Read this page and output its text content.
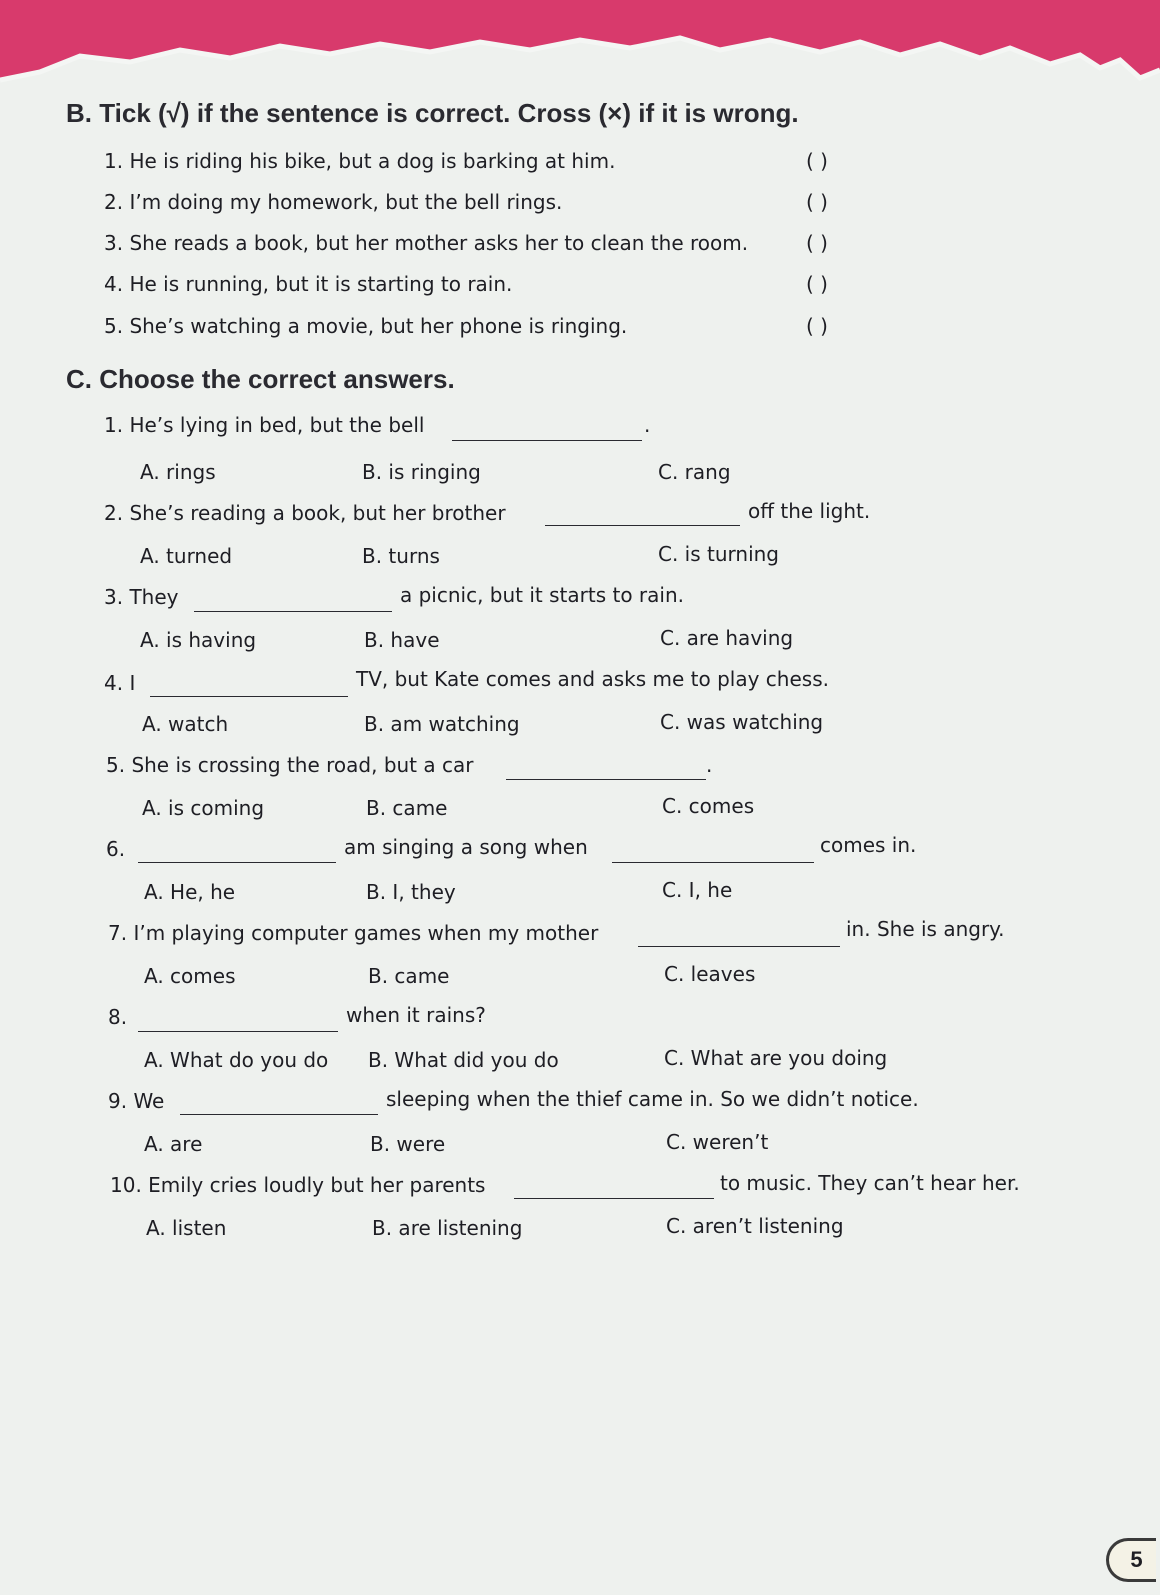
B. Tick (√) if the sentence is correct. Cross (×) if it is wrong.
1. He is riding his bike, but a dog is barking at him.	( )
2. I’m doing my homework, but the bell rings.	( )
3. She reads a book, but her mother asks her to clean the room.	( )
4. He is running, but it is starting to rain.	( )
5. She’s watching a movie, but her phone is ringing.	( )
C. Choose the correct answers.
1. He’s lying in bed, but the bell	.
A. rings	B. is ringing	C. rang
2. She’s reading a book, but her brother	off the light.
A. turned	B. turns	C. is turning
3. They	a picnic, but it starts to rain.
A. is having	B. have	C. are having
4. I	TV, but Kate comes and asks me to play chess.
A. watch	B. am watching	C. was watching
5. She is crossing the road, but a car	.
A. is coming	B. came	C. comes
6.	am singing a song when	comes in.
A. He, he	B. I, they	C. I, he
7. I’m playing computer games when my mother	in. She is angry.
A. comes	B. came	C. leaves
8.	when it rains?
A. What do you do B. What did you do	C. What are you doing
9. We	sleeping when the thief came in. So we didn’t notice.
A. are	B. were	C. weren’t
10. Emily cries loudly but her parents	to music. They can’t hear her.
A. listen	B. are listening	C. aren’t listening
5
